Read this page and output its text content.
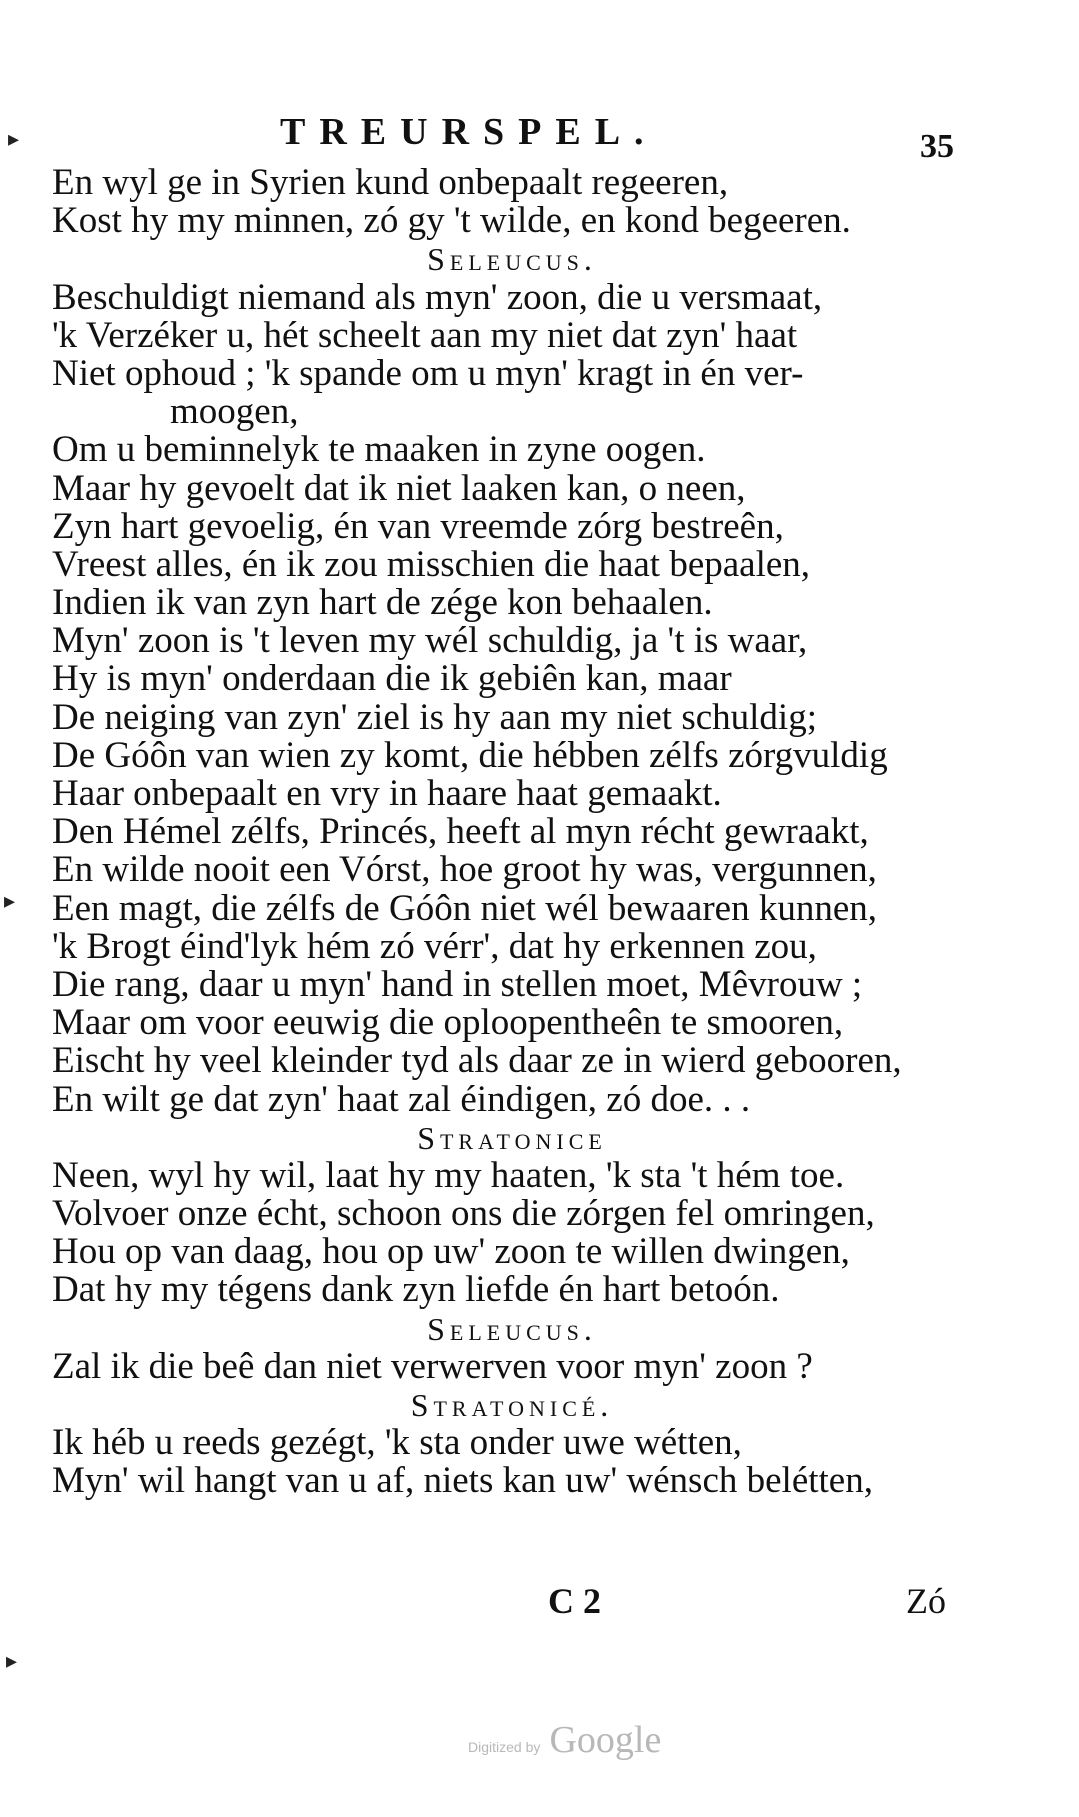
TREURSPEL.	35
▸
▸
▸
En wyl ge in Syrien kund onbepaalt regeeren,
Kost hy my minnen, zó gy 't wilde, en kond begeeren.
Seleucus.
Beschuldigt niemand als myn' zoon, die u versmaat,
'k Verzéker u, hét scheelt aan my niet dat zyn' haat
Niet ophoud ; 'k spande om u myn' kragt in én ver-
moogen,
Om u beminnelyk te maaken in zyne oogen.
Maar hy gevoelt dat ik niet laaken kan, o neen,
Zyn hart gevoelig, én van vreemde zórg bestreên,
Vreest alles, én ik zou misschien die haat bepaalen,
Indien ik van zyn hart de zége kon behaalen.
Myn' zoon is 't leven my wél schuldig, ja 't is waar,
Hy is myn' onderdaan die ik gebiên kan, maar
De neiging van zyn' ziel is hy aan my niet schuldig;
De Góôn van wien zy komt, die hébben zélfs zórgvuldig
Haar onbepaalt en vry in haare haat gemaakt.
Den Hémel zélfs, Princés, heeft al myn récht gewraakt,
En wilde nooit een Vórst, hoe groot hy was, vergunnen,
Een magt, die zélfs de Góôn niet wél bewaaren kunnen,
'k Brogt éind'lyk hém zó vérr', dat hy erkennen zou,
Die rang, daar u myn' hand in stellen moet, Mêvrouw ;
Maar om voor eeuwig die oploopentheên te smooren,
Eischt hy veel kleinder tyd als daar ze in wierd gebooren,
En wilt ge dat zyn' haat zal éindigen, zó doe. . .
Stratonice
Neen, wyl hy wil, laat hy my haaten, 'k sta 't hém toe.
Volvoer onze écht, schoon ons die zórgen fel omringen,
Hou op van daag, hou op uw' zoon te willen dwingen,
Dat hy my tégens dank zyn liefde én hart betoón.
Seleucus.
Zal ik die beê dan niet verwerven voor myn' zoon ?
Stratonicé.
Ik héb u reeds gezégt, 'k sta onder uwe wétten,
Myn' wil hangt van u af, niets kan uw' wénsch belétten,
C 2	Zó
Digitized by Google
